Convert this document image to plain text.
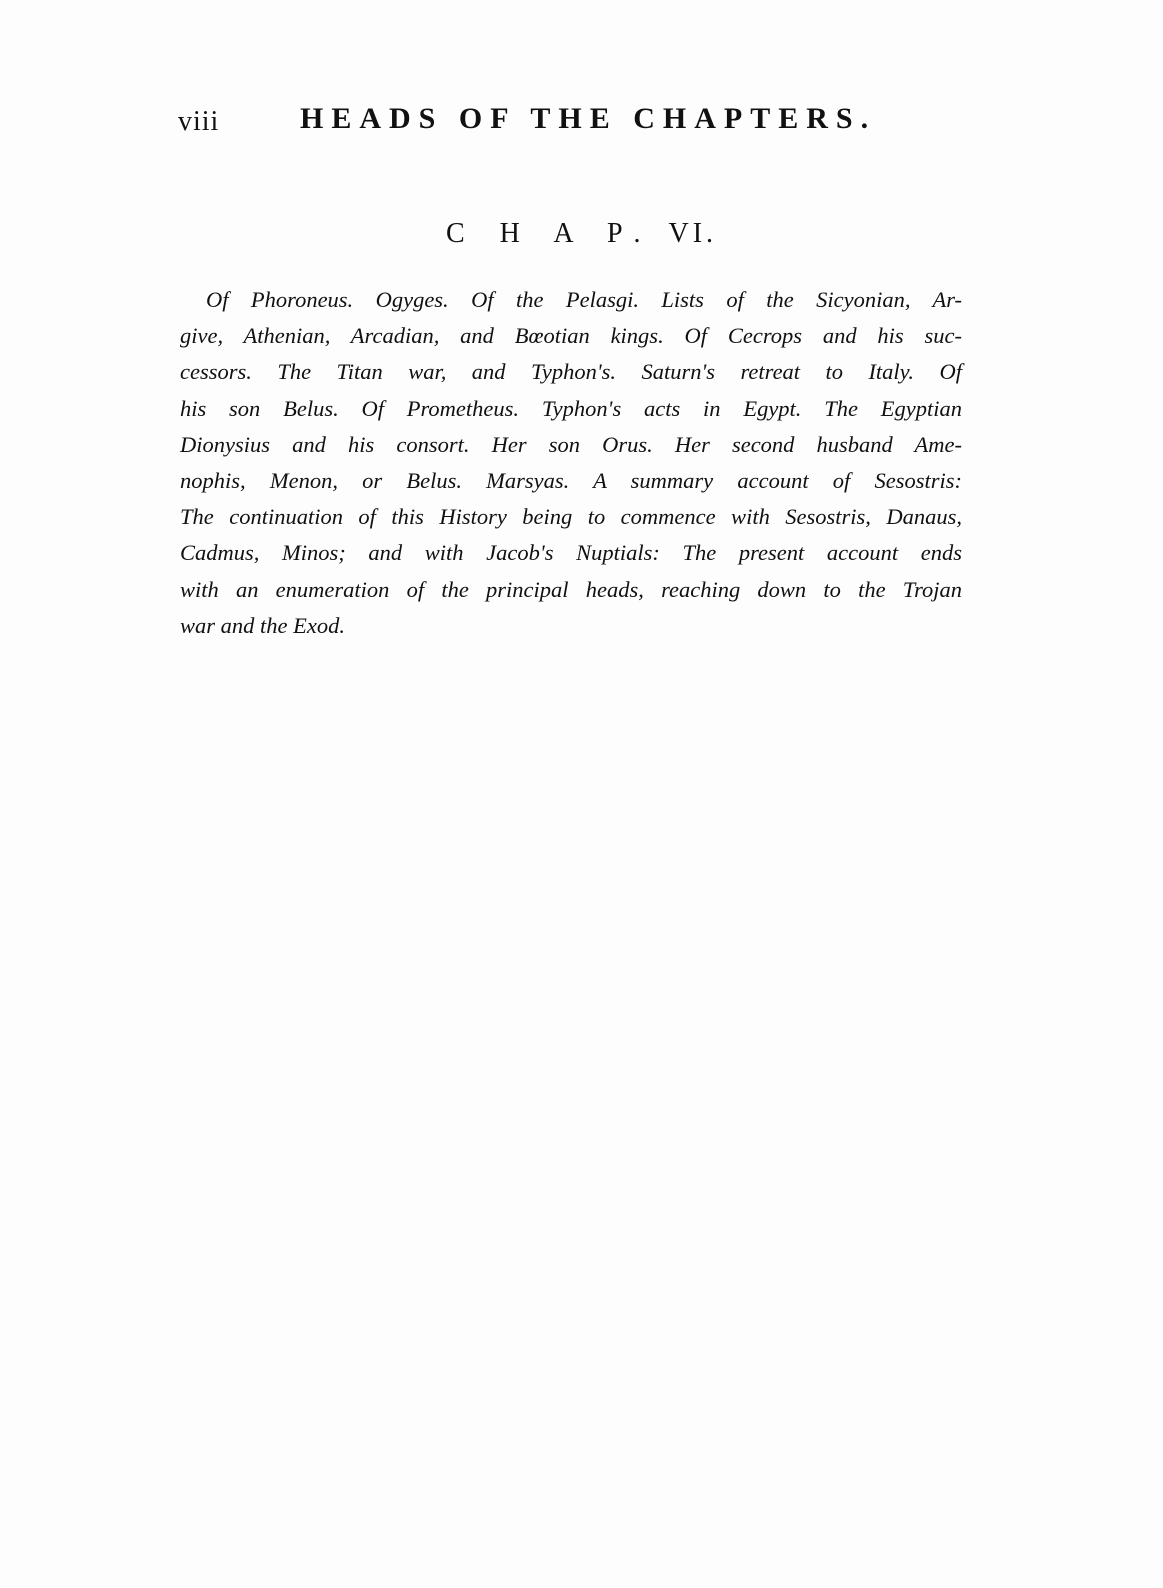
viii	HEADS OF THE CHAPTERS.
C H A P. VI.
Of Phoroneus. Ogyges. Of the Pelasgi. Lists of the Sicyonian, Ar-
give, Athenian, Arcadian, and Bœotian kings. Of Cecrops and his suc-
cessors. The Titan war, and Typhon's. Saturn's retreat to Italy. Of
his son Belus. Of Prometheus. Typhon's acts in Egypt. The Egyptian
Dionysius and his consort. Her son Orus. Her second husband Ame-
nophis, Menon, or Belus. Marsyas. A summary account of Sesostris:
The continuation of this History being to commence with Sesostris, Danaus,
Cadmus, Minos; and with Jacob's Nuptials: The present account ends
with an enumeration of the principal heads, reaching down to the Trojan
war and the Exod.
